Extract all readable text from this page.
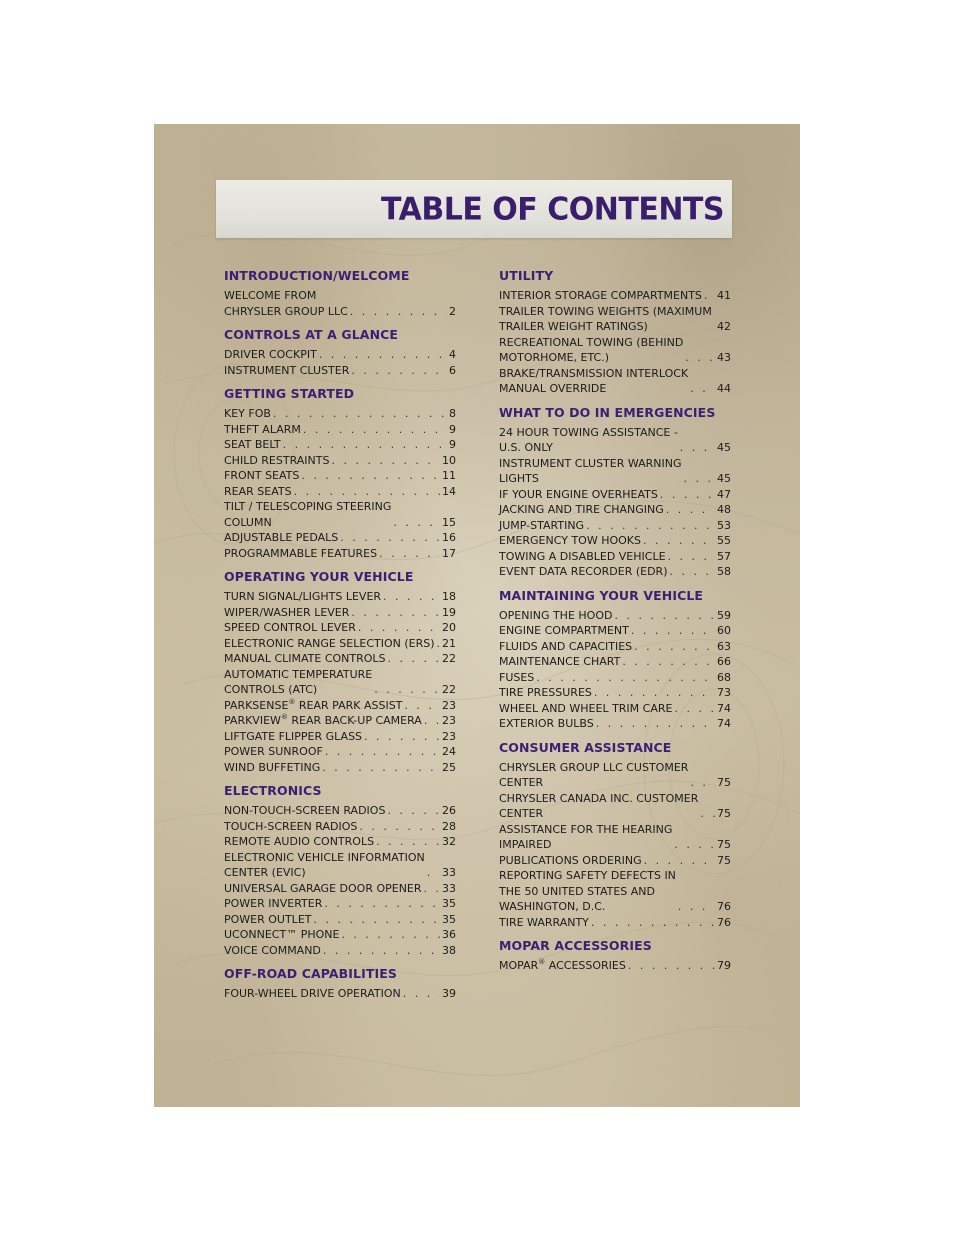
TABLE OF CONTENTS
INTRODUCTION/WELCOME
WELCOME FROM
CHRYSLER GROUP LLC . . .	2
CONTROLS AT A GLANCE
DRIVER COCKPIT . . .	4
INSTRUMENT CLUSTER . . .	6
GETTING STARTED
KEY FOB . . .	8
THEFT ALARM . . .	9
SEAT BELT . . .	9
CHILD RESTRAINTS . . .	10
FRONT SEATS . . .	11
REAR SEATS . . .	14
TILT / TELESCOPING STEERING
COLUMN . . .	15
ADJUSTABLE PEDALS . . .	16
PROGRAMMABLE FEATURES . . .	17
OPERATING YOUR VEHICLE
TURN SIGNAL/LIGHTS LEVER . . .	18
WIPER/WASHER LEVER . . .	19
SPEED CONTROL LEVER . . .	20
ELECTRONIC RANGE SELECTION (ERS) . . . 21
MANUAL CLIMATE CONTROLS . . .	22
AUTOMATIC TEMPERATURE
CONTROLS (ATC) . . .	22
PARKSENSE® REAR PARK ASSIST . . .	23
PARKVIEW® REAR BACK-UP CAMERA . . . 23
LIFTGATE FLIPPER GLASS . . .	23
POWER SUNROOF . . .	24
WIND BUFFETING . . .	25
ELECTRONICS
NON-TOUCH-SCREEN RADIOS . . .	26
TOUCH-SCREEN RADIOS . . .	28
REMOTE AUDIO CONTROLS . . .	32
ELECTRONIC VEHICLE INFORMATION
CENTER (EVIC) . . .	33
UNIVERSAL GARAGE DOOR OPENER . . . 33
POWER INVERTER . . .	35
POWER OUTLET . . .	35
UCONNECT™ PHONE . . .	36
VOICE COMMAND . . .	38
OFF-ROAD CAPABILITIES
FOUR-WHEEL DRIVE OPERATION . . .	39
UTILITY
INTERIOR STORAGE COMPARTMENTS . . . 41
TRAILER TOWING WEIGHTS (MAXIMUM
TRAILER WEIGHT RATINGS) . . .	42
RECREATIONAL TOWING (BEHIND
MOTORHOME, ETC.) . . .	43
BRAKE/TRANSMISSION INTERLOCK
MANUAL OVERRIDE . . .	44
WHAT TO DO IN EMERGENCIES
24 HOUR TOWING ASSISTANCE -
U.S. ONLY . . .	45
INSTRUMENT CLUSTER WARNING
LIGHTS . . .	45
IF YOUR ENGINE OVERHEATS . . .	47
JACKING AND TIRE CHANGING . . .	48
JUMP-STARTING . . .	53
EMERGENCY TOW HOOKS . . .	55
TOWING A DISABLED VEHICLE . . .	57
EVENT DATA RECORDER (EDR) . . .	58
MAINTAINING YOUR VEHICLE
OPENING THE HOOD . . .	59
ENGINE COMPARTMENT . . .	60
FLUIDS AND CAPACITIES . . .	63
MAINTENANCE CHART . . .	66
FUSES . . .	68
TIRE PRESSURES . . .	73
WHEEL AND WHEEL TRIM CARE . . .	74
EXTERIOR BULBS . . .	74
CONSUMER ASSISTANCE
CHRYSLER GROUP LLC CUSTOMER
CENTER . . .	75
CHRYSLER CANADA INC. CUSTOMER
CENTER . . .	75
ASSISTANCE FOR THE HEARING
IMPAIRED . . .	75
PUBLICATIONS ORDERING . . .	75
REPORTING SAFETY DEFECTS IN
THE 50 UNITED STATES AND
WASHINGTON, D.C. . . .	76
TIRE WARRANTY . . .	76
MOPAR ACCESSORIES
MOPAR® ACCESSORIES . . .	79
